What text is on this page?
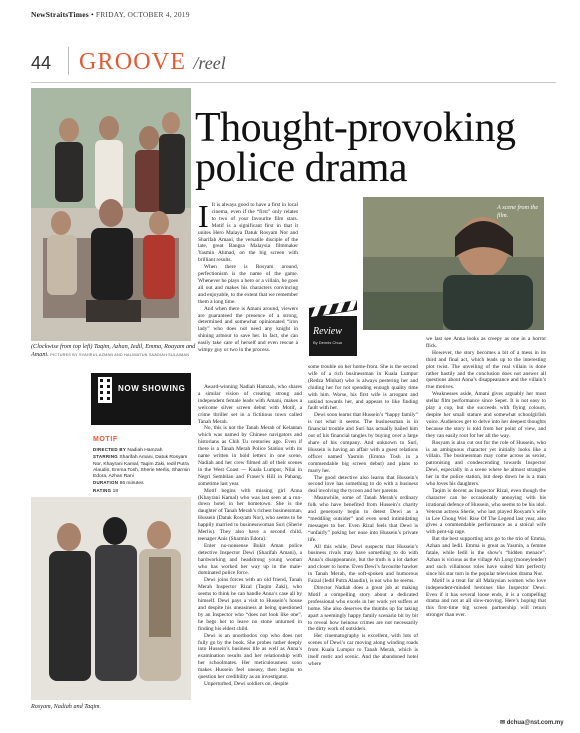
NewStraitsTimes • FRIDAY, OCTOBER 4, 2019
44 GROOVE /reel
(Clockwise from top left) Taqim, Azhan, Iedil, Emma, Roayam and Amani. PICTURES BY SYAHRUL AZMAN AND HALIMATUN SAADIAH SULAIMAN
Thought-provoking
police drama
A scene from the film.
Review
By Dennis Chua
NOW SHOWING
MOTIF
DIRECTED BY Nadiah Hamzah
STARRING Sharifah Amani, Datuk Rosyam Nor, Khayrani Kamal, Taqim Zaki, Iedil Putra Alaudin, Emma Tosh, Sherie Merlis, Sharmin Edora, Azhan Rani
DURATION 86 minutes
RATING 18
Rosyam, Nadiah and Taqim.

I It is always good to have a first in local cinema, even if the “first” only relates to two of your favourite film stars. Motif is a significant first in that it unites Hero Malaya Datuk Rosyam Nor and Sharifah Amani, the versatile disciple of the late, great Bangsa Malaysia filmmaker Yasmin Ahmad, on the big screen with brilliant results.

When there is Rosyam around, perfectionism is the name of the game. Whenever he plays a hero or a villain, he goes all out and makes his characters convincing and enjoyable, to the extent that we remember them a long time.

And when there is Amani around, viewers are guaranteed the presence of a strong, determined and somewhat opinionated “iron lady” who does not need any knight in shining armour to save her. In fact, she can easily take care of herself and even rescue a wimpy guy or two in the process.

Award-winning Nadiah Hamzah, who shares a similar vision of creating strong and independent female leads with Amani, makes a welcome silver screen debut with Motif, a crime thriller set in a fictitious town called Tanah Merah.

No, this is not the Tanah Merah of Kelantan which was named by Chinese navigators and historians as Chih Tu centuries ago. Even if there is a Tanah Merah Police Station with its name written in bold letters in one scene, Nadiah and her crew filmed all of their scenes in the West Coast — Kuala Lumpur, Nilai in Negri Sembilan and Fraser’s Hill in Pahang, sometime last year.

Motif begins with missing girl Anna (Khayrani Kamal) who was last seen at a run-down hotel in her hometown. She is the daughter of Tanah Merah’s richest businessman, Hussein (Datuk Rosyam Nor), who seems to be happily married to businesswoman Suri (Sherie Merlis). They also have a second child, teenager Anis (Sharmin Edora).

Enter no-nonsense Bukit Aman police detective Inspector Dewi (Sharifah Amani), a hardworking and headstrong young woman who has worked her way up in the male-dominated police force.

Dewi joins forces with an old friend, Tanah Merah Inspector Rizal (Taqim Zaki), who seems to think he can handle Anna’s case all by himself. Dewi pays a visit to Hussein’s house and despite his uneasiness at being questioned by an Inspector who “does not look like one”, he begs her to leave no stone unturned in finding his eldest child.

Dewi is an unorthodox cop who does not fully go by the book. She probes rather deeply into Hussein’s business life as well as Anna’s examination results and her relationship with her schoolmates. Her meticulousness soon makes Hussein feel uneasy, then begins to question her credibility as an investigator.

Unperturbed, Dewi soldiers on, despite

some trouble on her home-front. She is the second wife of a rich businessman in Kuala Lumpur (Redza Minhat) who is always pestering her and chiding her for not spending enough quality time with him. Worse, his first wife is arrogant and unkind towards her, and appears to like finding fault with her.

Dewi soon learns that Hussein’s “happy family” is not what it seems. The businessman is in financial trouble and Suri has actually bailed him out of his financial tangles by buying over a large share of his company. And unknown to Suri, Hussein is having an affair with a guest relations officer named Yasmin (Emma Tosh in a commendable big screen debut) and plans to marry her.

The good detective also learns that Hussein’s second love has something to do with a business deal involving the tycoon and her parents.

Meanwhile, some of Tanah Merah’s ordinary folk who have benefited from Hussein’s charity and generosity begin to detest Dewi as a “meddling outsider” and even send intimidating messages to her. Even Rizal feels that Dewi is “unfairly” poking her nose into Hussein’s private life.

All this while, Dewi suspects that Hussein’s business rivals may have something to do with Anna’s disappearance, but the truth is a lot darker and closer to home. Even Dewi’s favourite hawker in Tanah Merah, the soft-spoken and humorous Faizal (Iedil Putra Alaudin), is not who he seems.

Director Nadiah does a great job at making Motif a compelling story about a dedicated professional who excels in her work yet suffers at home. She also deserves the thumbs up for taking apart a seemingly happy family scenario bit by bit to reveal how heinous crimes are not necessarily the dirty work of outsiders.

Her cinematography is excellent, with lots of scenes of Dewi’s car moving along winding roads from Kuala Lumpur to Tanah Merah, which is itself rustic and scenic. And the abandoned hotel where

we last see Anna looks as creepy as one in a horror flick.

However, the story becomes a bit of a mess in its third and final act, which leads up to the interesting plot twist. The unveiling of the real villain is done rather hastily and the conclusion does not answer all questions about Anna’s disappearance and the villain’s true motives.

Weaknesses aside, Amani gives arguably her most stellar film performance since Sepet. It is not easy to play a cop, but she succeeds with flying colours, despite her small stature and somewhat schoolgirlish voice. Audiences get to delve into her deepest thoughts because the story is told from her point of view, and they can easily root for her all the way.

Rosyam is also cut out for the role of Hussein, who is an ambiguous character yet initially looks like a villain. The businessman may come across as sexist, patronising and condescending towards Inspector Dewi, especially in a scene where he almost strangles her in the police station, but deep down he is a man who loves his daughters.

Taqim is decent as Inspector Rizal, even though the character can be occasionally annoying with his irrational defence of Hussein, who seems to be his idol. Veteran actress Sherie, who last played Rosyam’s wife in Lee Chong Wei: Rise Of The Legend last year, also gives a commendable performance as a stoical wife with pent-up rage.

But the best supporting acts go to the trio of Emma, Azhan and Iedil. Emma is great as Yasmin, a femme fatale, while Iedil is the show’s “hidden menace”. Azhan is vicious as the village Ah Long (moneylender) and such villainous roles have suited him perfectly since his star turn in the popular television drama Nur.

Motif is a treat for all Malaysian women who love independent-minded heroines like Inspector Dewi. Even if it has several loose ends, it is a compelling drama and not at all slow-moving. Here’s hoping that this first-time big screen partnership will return stronger than ever.

✉ dchua@nst.com.my
